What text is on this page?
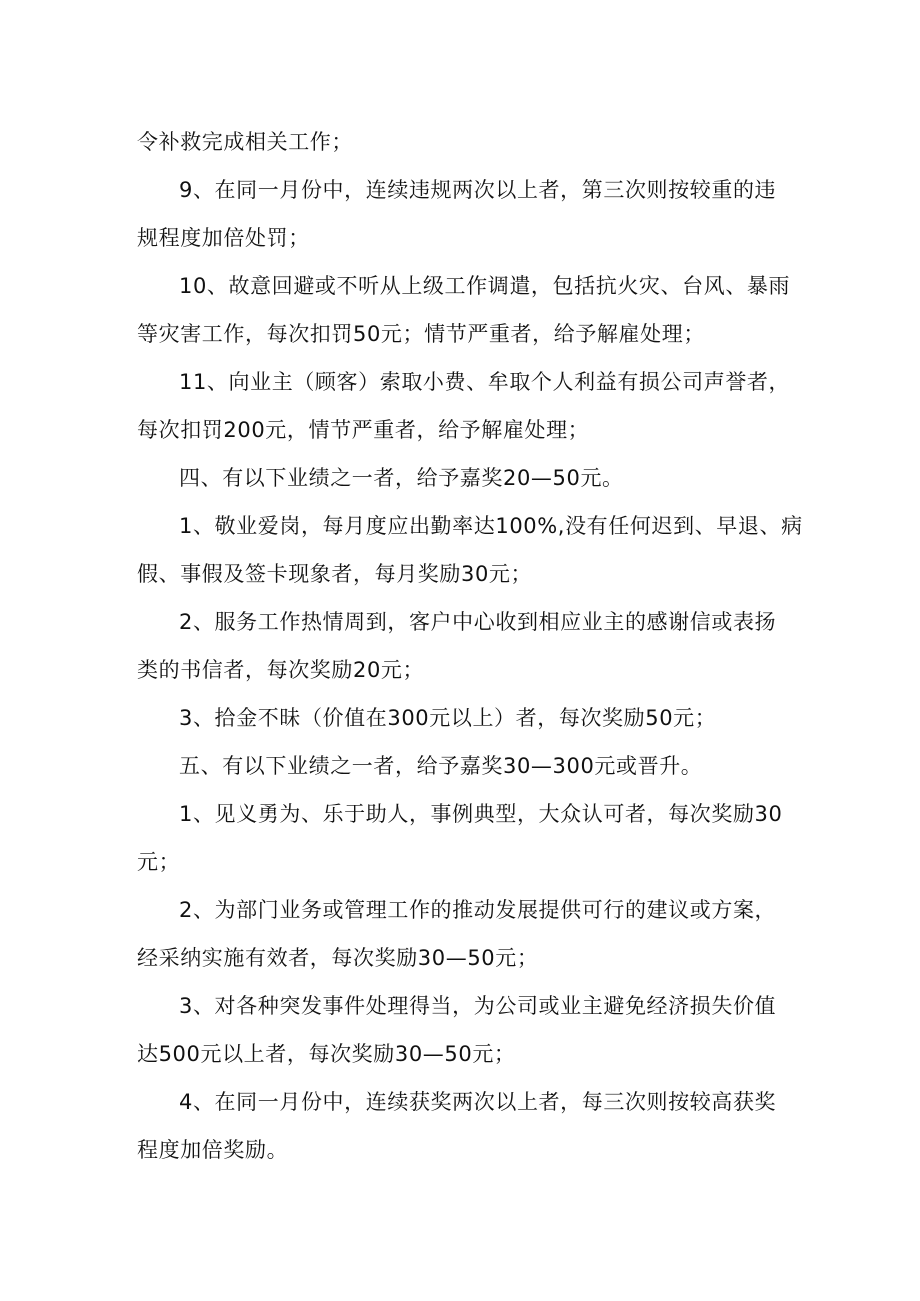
令补救完成相关工作；
9、在同一月份中，连续违规两次以上者，第三次则按较重的违
规程度加倍处罚；
10、故意回避或不听从上级工作调遣，包括抗火灾、台风、暴雨
等灾害工作，每次扣罚50元；情节严重者，给予解雇处理；
11、向业主（顾客）索取小费、牟取个人利益有损公司声誉者，
每次扣罚200元，情节严重者，给予解雇处理；
四、有以下业绩之一者，给予嘉奖20—50元。
1、敬业爱岗，每月度应出勤率达100%,没有任何迟到、早退、病
假、事假及签卡现象者，每月奖励30元；
2、服务工作热情周到，客户中心收到相应业主的感谢信或表扬
类的书信者，每次奖励20元；
3、拾金不昧（价值在300元以上）者，每次奖励50元；
五、有以下业绩之一者，给予嘉奖30—300元或晋升。
1、见义勇为、乐于助人，事例典型，大众认可者，每次奖励30
元；
2、为部门业务或管理工作的推动发展提供可行的建议或方案，
经采纳实施有效者，每次奖励30—50元；
3、对各种突发事件处理得当，为公司或业主避免经济损失价值
达500元以上者，每次奖励30—50元；
4、在同一月份中，连续获奖两次以上者，每三次则按较高获奖
程度加倍奖励。
